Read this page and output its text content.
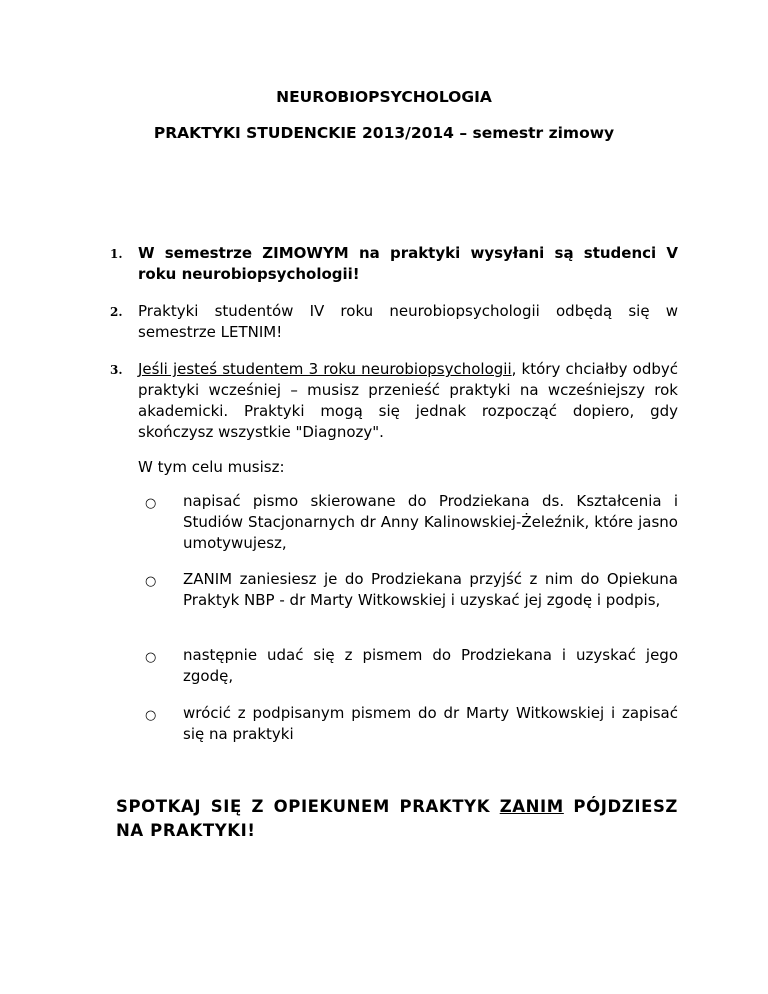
NEUROBIOPSYCHOLOGIA
PRAKTYKI STUDENCKIE 2013/2014 – semestr zimowy
1. W semestrze ZIMOWYM na praktyki wysyłani są studenci V roku neurobiopsychologii!
2. Praktyki studentów IV roku neurobiopsychologii odbędą się w semestrze LETNIM!
3. Jeśli jesteś studentem 3 roku neurobiopsychologii, który chciałby odbyć praktyki wcześniej – musisz przenieść praktyki na wcześniejszy rok akademicki. Praktyki mogą się jednak rozpocząć dopiero, gdy skończysz wszystkie "Diagnozy".
W tym celu musisz:
○ napisać pismo skierowane do Prodziekana ds. Kształcenia i Studiów Stacjonarnych dr Anny Kalinowskiej-Żeleźnik, które jasno umotywujesz,
○ ZANIM zaniesiesz je do Prodziekana przyjść z nim do Opiekuna Praktyk NBP - dr Marty Witkowskiej i uzyskać jej zgodę i podpis,
○ następnie udać się z pismem do Prodziekana i uzyskać jego zgodę,
○ wrócić z podpisanym pismem do dr Marty Witkowskiej i zapisać się na praktyki
SPOTKAJ SIĘ Z OPIEKUNEM PRAKTYK ZANIM PÓJDZIESZ NA PRAKTYKI!
